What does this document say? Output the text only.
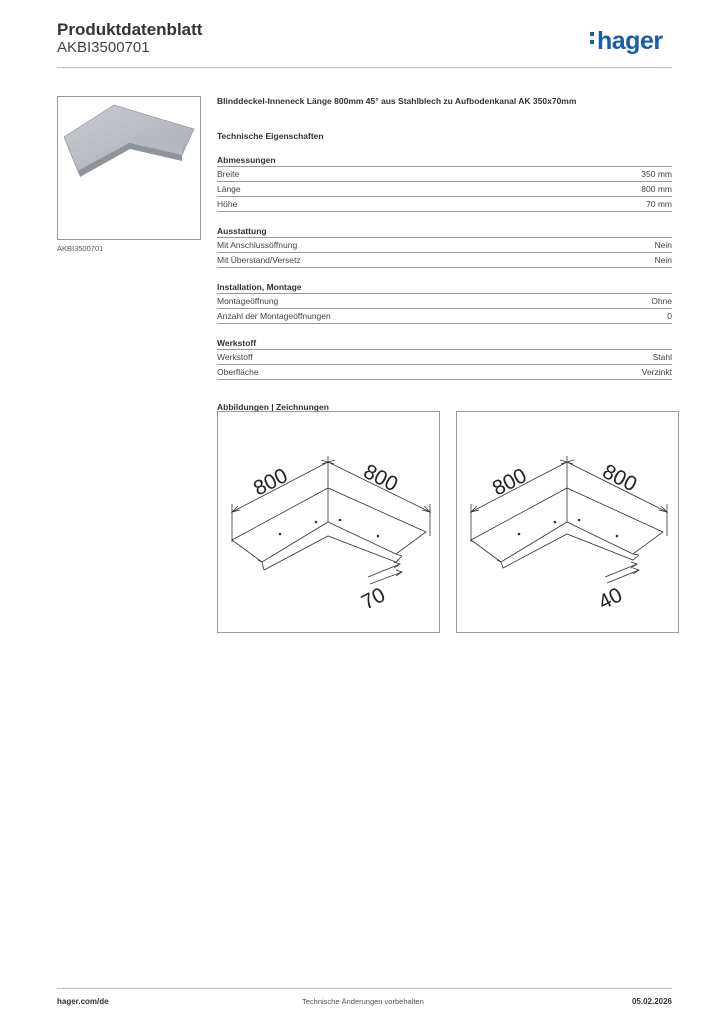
Produktdatenblatt
AKBI3500701	hager
AKBI3500701
Blinddeckel-Inneneck Länge 800mm 45° aus Stahlblech zu Aufbodenkanal AK 350x70mm
Technische Eigenschaften
Abmessungen
Breite	350 mm
Länge	800 mm
Höhe	70 mm
Ausstattung
Mit Anschlussöffnung	Nein
Mit Überstand/Versetz	Nein
Installation, Montage
Montageöffnung	Ohne
Anzahl der Montageöffnungen	0
Werkstoff
Werkstoff	Stahl
Oberfläche	Verzinkt
Abbildungen | Zeichnungen
800	800
70
800	800
40
hager.com/de	Technische Änderungen vorbehalten	05.02.2026
